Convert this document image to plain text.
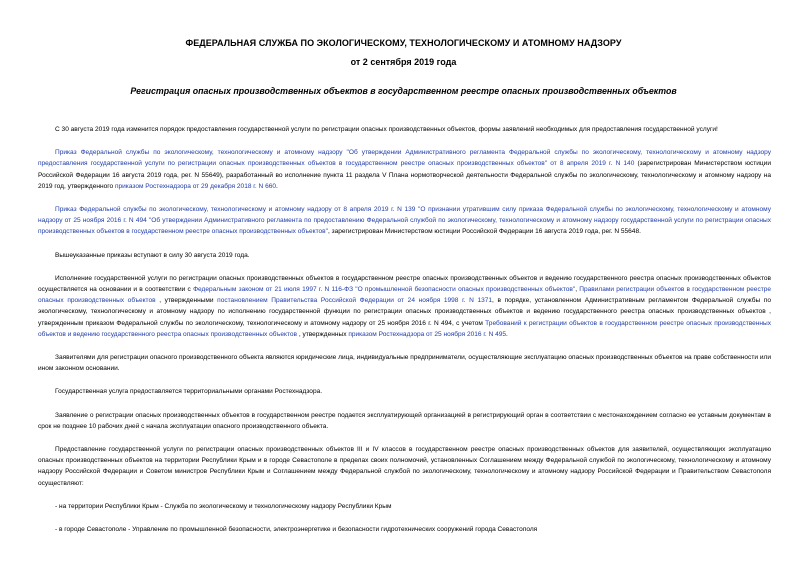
ФЕДЕРАЛЬНАЯ СЛУЖБА ПО ЭКОЛОГИЧЕСКОМУ, ТЕХНОЛОГИЧЕСКОМУ И АТОМНОМУ НАДЗОРУ
от 2 сентября 2019 года
Регистрация опасных производственных объектов в государственном реестре опасных производственных объектов

С 30 августа 2019 года изменится порядок предоставления государственной услуги по регистрации опасных производственных объектов, формы заявлений необходимых для предоставления государственной услуги!

Приказ Федеральной службы по экологическому, технологическому и атомному надзору "Об утверждении Административного регламента Федеральной службы по экологическому, технологическому и атомному надзору предоставления государственной услуги по регистрации опасных производственных объектов в государственном реестре опасных производственных объектов" от 8 апреля 2019 г. N 140 (зарегистрирован Министерством юстиции Российской Федерации 16 августа 2019 года, рег. N 55649), разработанный во исполнение пункта 11 раздела V Плана нормотворческой деятельности Федеральной службы по экологическому, технологическому и атомному надзору на 2019 год, утвержденного приказом Ростехнадзора от 29 декабря 2018 г. N 660.

Приказ Федеральной службы по экологическому, технологическому и атомному надзору от 8 апреля 2019 г. N 139 "О признании утратившим силу приказа Федеральной службы по экологическому, технологическому и атомному надзору от 25 ноября 2016 г. N 494 "Об утверждении Административного регламента по предоставлению Федеральной службой по экологическому, технологическому и атомному надзору государственной услуги по регистрации опасных производственных объектов в государственном реестре опасных производственных объектов", зарегистрирован Министерством юстиции Российской Федерации 16 августа 2019 года, рег. N 55648.

Вышеуказанные приказы вступают в силу 30 августа 2019 года.

Исполнение государственной услуги по регистрации опасных производственных объектов в государственном реестре опасных производственных объектов и ведению государственного реестра опасных производственных объектов осуществляется на основании и в соответствии с Федеральным законом от 21 июля 1997 г. N 116-ФЗ "О промышленной безопасности опасных производственных объектов", Правилами регистрации объектов в государственном реестре опасных производственных объектов , утвержденными постановлением Правительства Российской Федерации от 24 ноября 1998 г. N 1371, в порядке, установленном Административным регламентом Федеральной службы по экологическому, технологическому и атомному надзору по исполнению государственной функции по регистрации опасных производственных объектов и ведению государственного реестра опасных производственных объектов , утвержденным приказом Федеральной службы по экологическому, технологическому и атомному надзору от 25 ноября 2016 г. N 494, с учетом Требований к регистрации объектов в государственном реестре опасных производственных объектов и ведению государственного реестра опасных производственных объектов , утвержденных приказом Ростехнадзора от 25 ноября 2016 г. N 495.

Заявителями для регистрации опасного производственного объекта являются юридические лица, индивидуальные предприниматели, осуществляющие эксплуатацию опасных производственных объектов на праве собственности или ином законном основании.

Государственная услуга предоставляется территориальными органами Ростехнадзора.

Заявление о регистрации опасных производственных объектов в государственном реестре подается эксплуатирующей организацией в регистрирующий орган в соответствии с местонахождением согласно ее уставным документам в срок не позднее 10 рабочих дней с начала эксплуатации опасного производственного объекта.

Предоставление государственной услуги по регистрации опасных производственных объектов III и IV классов в государственном реестре опасных производственных объектов для заявителей, осуществляющих эксплуатацию опасных производственных объектов на территории Республики Крым и в городе Севастополе в пределах своих полномочий, установленных Соглашением между Федеральной службой по экологическому, технологическому и атомному надзору Российской Федерации и Советом министров Республики Крым и Соглашением между Федеральной службой по экологическому, технологическому и атомному надзору Российской Федерации и Правительством Севастополя осуществляют:

- на территории Республики Крым - Служба по экологическому и технологическому надзору Республики Крым

- в городе Севастополе - Управление по промышленной безопасности, электроэнергетике и безопасности гидротехнических сооружений города Севастополя
